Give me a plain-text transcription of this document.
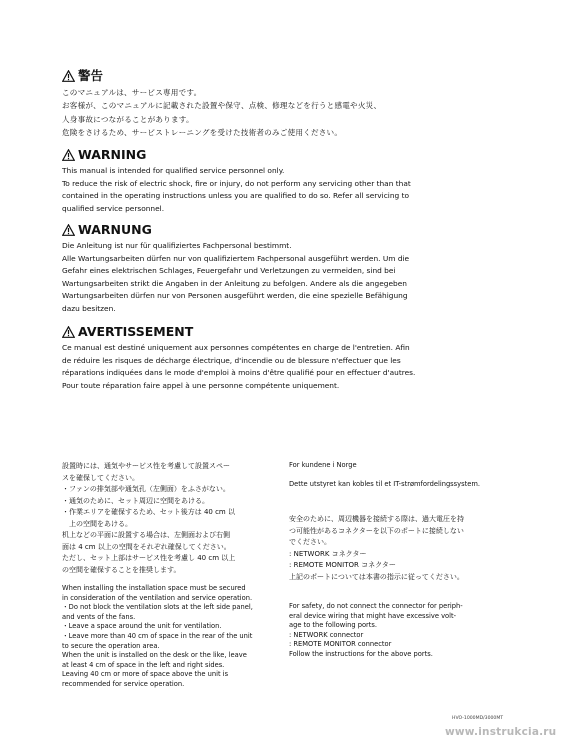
警告
このマニュアルは、サービス専用です。
お客様が、このマニュアルに記載された設置や保守、点検、修理などを行うと感電や火災、
人身事故につながることがあります。
危険をさけるため、サービストレーニングを受けた技術者のみご使用ください。
WARNING
This manual is intended for qualified service personnel only.
To reduce the risk of electric shock, fire or injury, do not perform any servicing other than that
contained in the operating instructions unless you are qualified to do so. Refer all servicing to
qualified service personnel.
WARNUNG
Die Anleitung ist nur für qualifiziertes Fachpersonal bestimmt.
Alle Wartungsarbeiten dürfen nur von qualifiziertem Fachpersonal ausgeführt werden. Um die
Gefahr eines elektrischen Schlages, Feuergefahr und Verletzungen zu vermeiden, sind bei
Wartungsarbeiten strikt die Angaben in der Anleitung zu befolgen. Andere als die angegeben
Wartungsarbeiten dürfen nur von Personen ausgeführt werden, die eine spezielle Befähigung
dazu besitzen.
AVERTISSEMENT
Ce manual est destiné uniquement aux personnes compétentes en charge de l'entretien. Afin
de réduire les risques de décharge électrique, d'incendie ou de blessure n'effectuer que les
réparations indiquées dans le mode d'emploi à moins d'être qualifié pour en effectuer d'autres.
Pour toute réparation faire appel à une personne compétente uniquement.
設置時には、通気やサービス性を考慮して設置スペー
スを確保してください。
・ファンの排気部や通気孔（左側面）をふさがない。
・通気のために、セット周辺に空間をあける。
・作業エリアを確保するため、セット後方は 40 cm 以
　上の空間をあける。
机上などの平面に設置する場合は、左側面および右側
面は 4 cm 以上の空間をそれぞれ確保してください。
ただし、セット上部はサービス性を考慮し 40 cm 以上
の空間を確保することを推奨します。
When installing the installation space must be secured
in consideration of the ventilation and service operation.
・Do not block the ventilation slots at the left side panel,
and vents of the fans.
・Leave a space around the unit for ventilation.
・Leave more than 40 cm of space in the rear of the unit
to secure the operation area.
When the unit is installed on the desk or the like, leave
at least 4 cm of space in the left and right sides.
Leaving 40 cm or more of space above the unit is
recommended for service operation.
For kundene i Norge

Dette utstyret kan kobles til et IT-strømfordelingssystem.
安全のために、周辺機器を接続する際は、過大電圧を持
つ可能性があるコネクターを以下のポートに接続しない
でください。
: NETWORK コネクター
: REMOTE MONITOR コネクター
上記のポートについては本書の指示に従ってください。
For safety, do not connect the connector for periph-
eral device wiring that might have excessive volt-
age to the following ports.
: NETWORK connector
: REMOTE MONITOR connector
Follow the instructions for the above ports.
HVO-1000MD/3000MT
www.instrukcia.ru
